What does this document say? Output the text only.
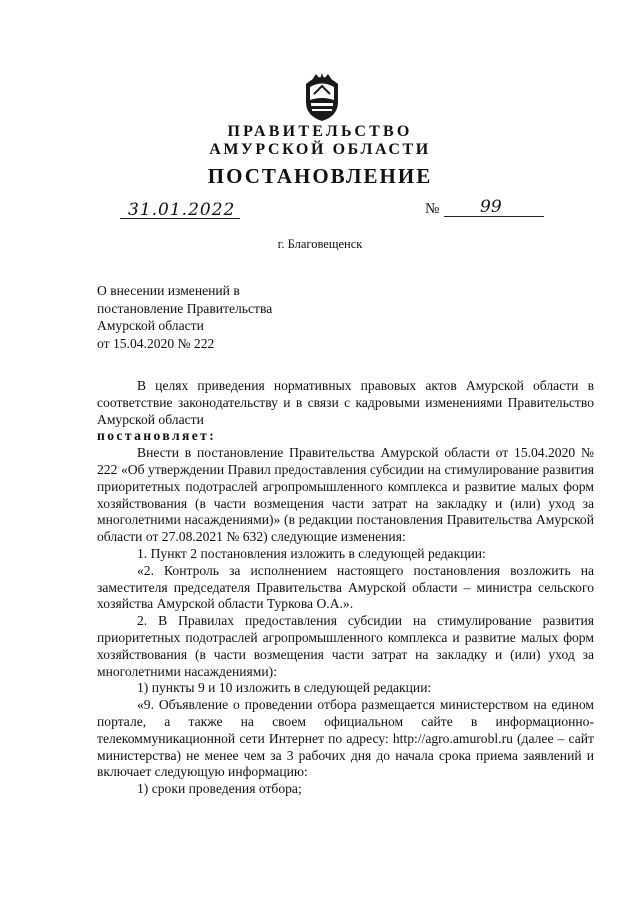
ПРАВИТЕЛЬСТВО
АМУРСКОЙ ОБЛАСТИ
ПОСТАНОВЛЕНИЕ
31.01.2022	№ 99
г. Благовещенск
О внесении изменений в
постановление Правительства
Амурской области
от 15.04.2020 № 222

В целях приведения нормативных правовых актов Амурской области в соответствие законодательству и в связи с кадровыми изменениями Правительство Амурской области

постановляет:

Внести в постановление Правительства Амурской области от 15.04.2020 № 222 «Об утверждении Правил предоставления субсидии на стимулирование развития приоритетных подотраслей агропромышленного комплекса и развитие малых форм хозяйствования (в части возмещения части затрат на закладку и (или) уход за многолетними насаждениями)» (в редакции постановления Правительства Амурской области от 27.08.2021 № 632) следующие изменения:

1. Пункт 2 постановления изложить в следующей редакции:

«2. Контроль за исполнением настоящего постановления возложить на заместителя председателя Правительства Амурской области – министра сельского хозяйства Амурской области Туркова О.А.».

2. В Правилах предоставления субсидии на стимулирование развития приоритетных подотраслей агропромышленного комплекса и развитие малых форм хозяйствования (в части возмещения части затрат на закладку и (или) уход за многолетними насаждениями):

1) пункты 9 и 10 изложить в следующей редакции:

«9. Объявление о проведении отбора размещается министерством на едином портале, а также на своем официальном сайте в информационно-телекоммуникационной сети Интернет по адресу: http://agro.amurobl.ru (далее – сайт министерства) не менее чем за 3 рабочих дня до начала срока приема заявлений и включает следующую информацию:

1) сроки проведения отбора;
